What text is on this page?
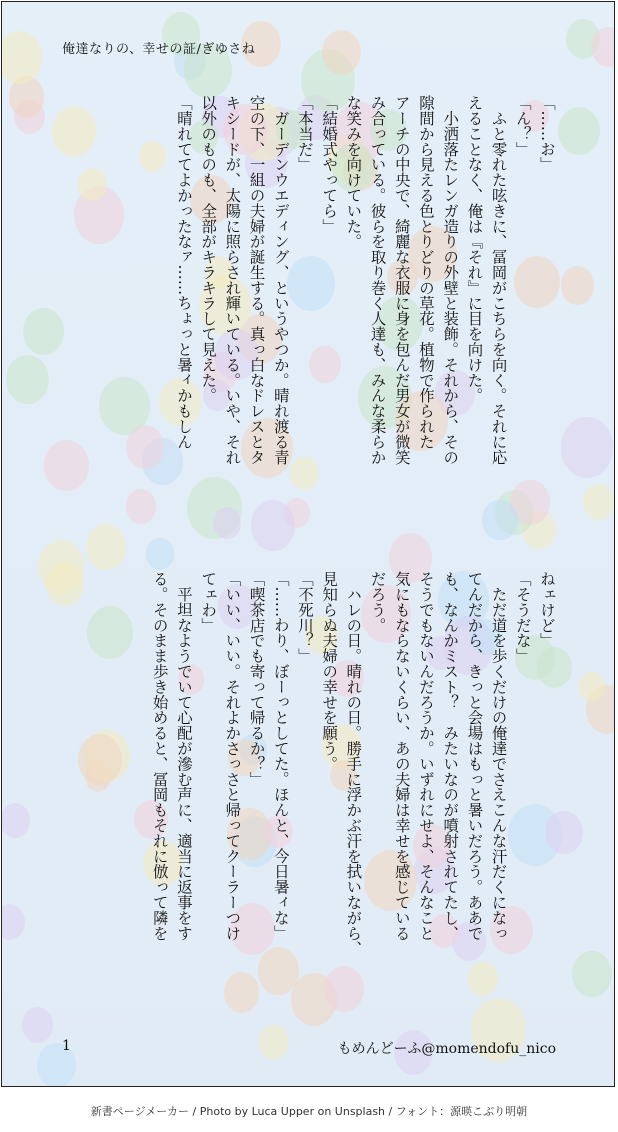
俺達なりの、幸せの証/ぎゆさね
「……お」
「ん？」
　ふと零れた呟きに、冨岡がこちらを向く。それに応
えることなく、俺は『それ』に目を向けた。
　小洒落たレンガ造りの外壁と装飾。それから、その
隙間から見える色とりどりの草花。植物で作られた
アーチの中央で、綺麗な衣服に身を包んだ男女が微笑
み合っている。彼らを取り巻く人達も、みんな柔らか
な笑みを向けていた。
「結婚式やってら」
「本当だ」
　ガーデンウエディング、というやつか。晴れ渡る青
空の下、一組の夫婦が誕生する。真っ白なドレスとタ
キシードが、太陽に照らされ輝いている。いや、それ
以外のものも、全部がキラキラして見えた。
「晴れててよかったなァ……ちょっと暑ィかもしん
ねェけど」
「そうだな」
　ただ道を歩くだけの俺達でさえこんな汗だくになっ
てんだから、きっと会場はもっと暑いだろう。ああで
も、なんかミスト？　みたいなのが噴射されてたし、
そうでもないんだろうか。いずれにせよ、そんなこと
気にもならないくらい、あの夫婦は幸せを感じている
だろう。
　ハレの日。晴れの日。勝手に浮かぶ汗を拭いながら、
見知らぬ夫婦の幸せを願う。
「不死川？」
「……わり、ぼーっとしてた。ほんと、今日暑ィな」
「喫茶店でも寄って帰るか？」
「いい、いい。それよかさっさと帰ってクーラーつけ
てェわ」
　平坦なようでいて心配が滲む声に、適当に返事をす
る。そのまま歩き始めると、冨岡もそれに倣って隣を
1	もめんどーふ@momendofu_nico
新書ページメーカー / Photo by Luca Upper on Unsplash / フォント：源暎こぶり明朝
